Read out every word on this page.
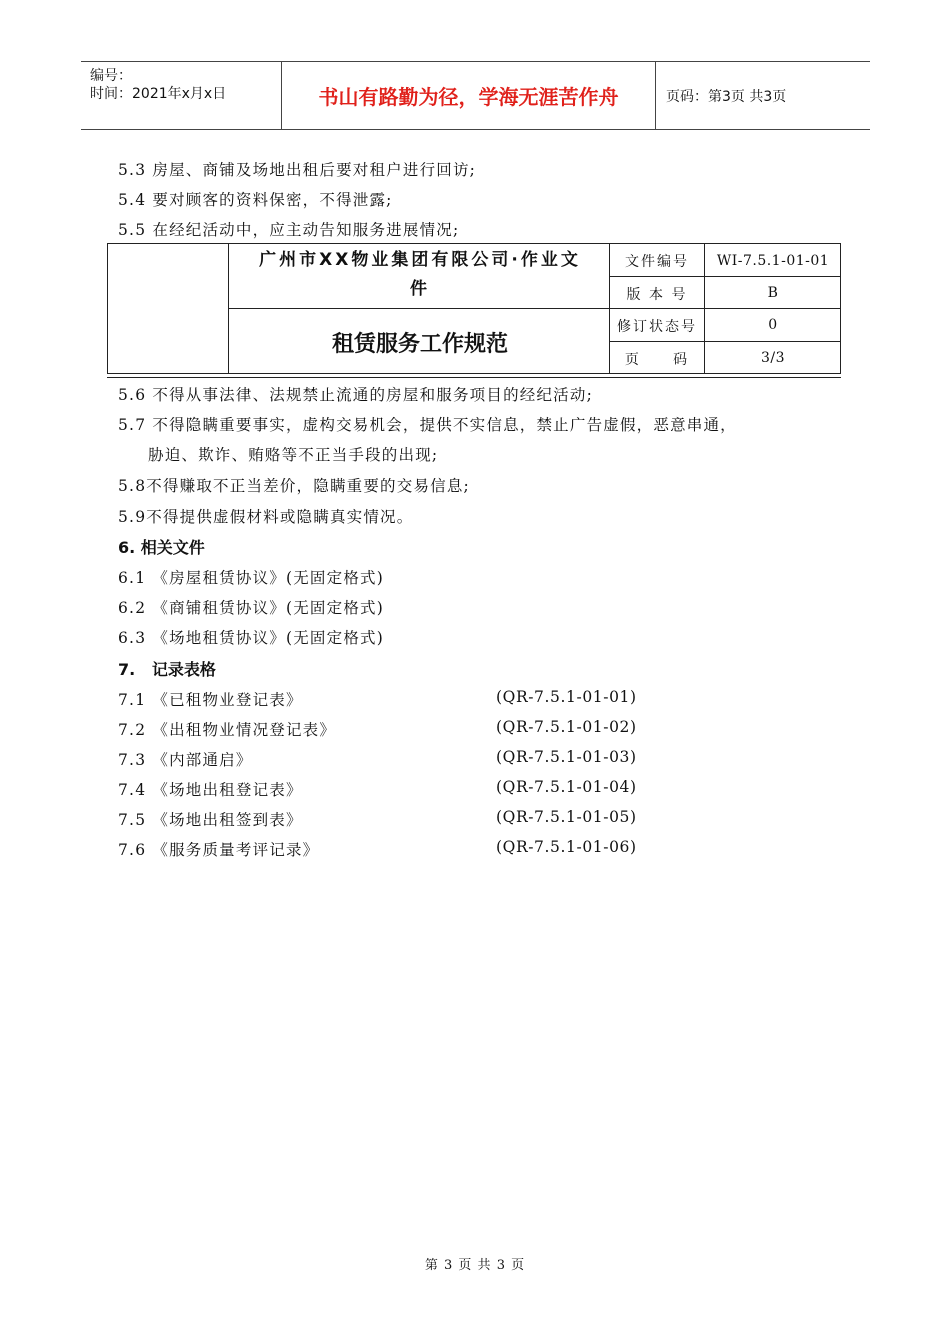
编号：
时间：2021年x月x日	书山有路勤为径，学海无涯苦作舟	页码：第3页 共3页
5.3 房屋、商铺及场地出租后要对租户进行回访;
5.4 要对顾客的资料保密，不得泄露;
5.5 在经纪活动中，应主动告知服务进展情况;
广州市XX物业集团有限公司·作业文
件
租赁服务工作规范
文件编号	WI-7.5.1-01-01
版 本 号	B
修订状态号	0
页     码	3/3
5.6 不得从事法律、法规禁止流通的房屋和服务项目的经纪活动;
5.7 不得隐瞒重要事实，虚构交易机会，提供不实信息，禁止广告虚假，恶意串通，
胁迫、欺诈、贿赂等不正当手段的出现;
5.8不得赚取不正当差价，隐瞒重要的交易信息;
5.9不得提供虚假材料或隐瞒真实情况。
6. 相关文件
6.1 《房屋租赁协议》(无固定格式)
6.2 《商铺租赁协议》(无固定格式)
6.3 《场地租赁协议》(无固定格式)
7.   记录表格
7.1 《已租物业登记表》	(QR-7.5.1-01-01)
7.2 《出租物业情况登记表》	(QR-7.5.1-01-02)
7.3 《内部通启》	(QR-7.5.1-01-03)
7.4 《场地出租登记表》	(QR-7.5.1-01-04)
7.5 《场地出租签到表》	(QR-7.5.1-01-05)
7.6 《服务质量考评记录》	(QR-7.5.1-01-06)
第 3 页 共 3 页
